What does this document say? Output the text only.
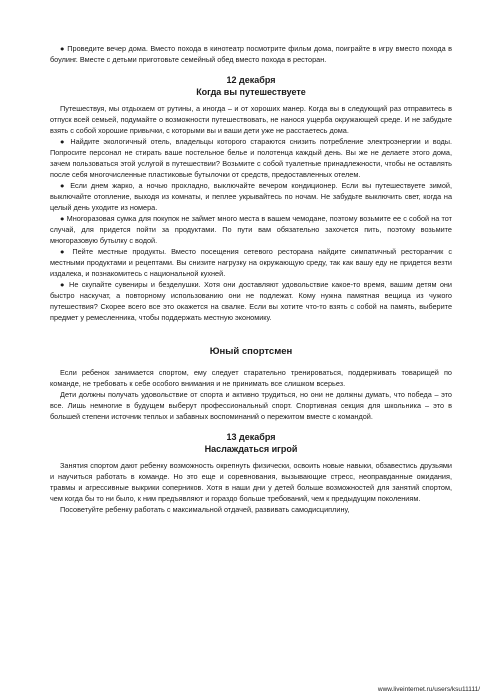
● Проведите вечер дома. Вместо похода в кинотеатр посмотрите фильм дома, поиграйте в игру вместо похода в боулинг. Вместе с детьми приготовьте семейный обед вместо похода в ресторан.

12 декабря
Когда вы путешествуете

Путешествуя, мы отдыхаем от рутины, а иногда – и от хороших манер. Когда вы в следующий раз отправитесь в отпуск всей семьей, подумайте о возможности путешествовать, не нанося ущерба окружающей среде. И не забудьте взять с собой хорошие привычки, с которыми вы и ваши дети уже не расстаетесь дома.

● Найдите экологичный отель, владельцы которого стараются снизить потребление электроэнергии и воды. Попросите персонал не стирать ваше постельное белье и полотенца каждый день. Вы же не делаете этого дома, зачем пользоваться этой услугой в путешествии? Возьмите с собой туалетные принадлежности, чтобы не оставлять после себя многочисленные пластиковые бутылочки от средств, предоставленных отелем.

● Если днем жарко, а ночью прохладно, выключайте вечером кондиционер. Если вы путешествуете зимой, выключайте отопление, выходя из комнаты, и пеплее укрывайтесь по ночам. Не забудьте выключить свет, когда на целый день уходите из номера.

● Многоразовая сумка для покупок не займет много места в вашем чемодане, поэтому возьмите ее с собой на тот случай, для придется пойти за продуктами. По пути вам обязательно захочется пить, поэтому возьмите многоразовую бутылку с водой.

● Пейте местные продукты. Вместо посещения сетевого ресторана найдите симпатичный ресторанчик с местными продуктами и рецептами. Вы снизите нагрузку на окружающую среду, так как вашу еду не придется везти издалека, и познакомитесь с национальной кухней.

● Не скупайте сувениры и безделушки. Хотя они доставляют удовольствие какое-то время, вашим детям они быстро наскучат, а повторному использованию они не подлежат. Кому нужна памятная вещица из чужого путешествия? Скорее всего все это окажется на свалке. Если вы хотите что-то взять с собой на память, выберите предмет у ремесленника, чтобы поддержать местную экономику.

Юный спортсмен

Если ребенок занимается спортом, ему следует старательно тренироваться, поддерживать товарищей по команде, не требовать к себе особого внимания и не принимать все слишком всерьез.

Дети должны получать удовольствие от спорта и активно трудиться, но они не должны думать, что победа – это все. Лишь немногие в будущем выберут профессиональный спорт. Спортивная секция для школьника – это в большей степени источник теплых и забавных воспоминаний о пережитом вместе с командой.

13 декабря
Наслаждаться игрой

Занятия спортом дают ребенку возможность окрепнуть физически, освоить новые навыки, обзавестись друзьями и научиться работать в команде. Но это еще и соревнования, вызывающие стресс, неоправданные ожидания, травмы и агрессивные выкрики соперников. Хотя в наши дни у детей больше возможностей для занятий спортом, чем когда бы то ни было, к ним предъявляют и гораздо больше требований, чем к предыдущим поколениям.

Посоветуйте ребенку работать с максимальной отдачей, развивать самодисциплину,

www.liveinternet.ru/users/ksu11111/
